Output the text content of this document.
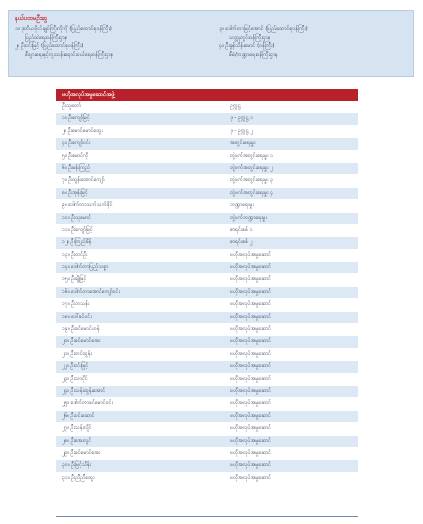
နယ်ပထမဦးဆွ
၁။ ဒုတိယဗိုလ်ချုပ်ကြီးကိုကို (ပြည်ထောင်စုဝန်ကြီး)
ပြည်ထဲရေးဝန်ကြီးဌာန
၂။ ဦးဝင်းမြင့် (ပြည်ထောင်စုဝန်ကြီး)
စီးပွားရေးနှင့်ကူးသန်းရောင်းဝယ်ရေးဝန်ကြီးဌာန
၃။ ဒေါက်တာမြင့်အောင် (ပြည်ထောင်စုဝန်ကြီး)
သတ္တုတွင်းဝန်ကြီးဌာန
၄။ ဦးခွန်သိန်းမောင် (ဝန်ကြီး)
စီမံ/ဘဏ္ဍာရေးဝန်ကြီးဌာန
ဗဟိုအလုပ်အမှုဆောင်အဖွဲ့
ဦးသူတော်	ဥက္ကဋ္ဌ
၁။ ဦးကျော်မြင့်	ဒု - ဥက္ကဋ္ဌ ၁
၂။ ဦးမောင်မောင်ထွေး	ဒု - ဥက္ကဋ္ဌ ၂
၄။ ဦးကျော်ဝင်း	အတွင်းရေးမှူး
၅။ ဦးမောင်ကို	တွဲဖက်အတွင်းရေးမှူး ၁
၆။ ဦးစန်းကြည်	တွဲဖက်အတွင်းရေးမှူး ၂
၇။ ဦးထွန်းအောင်ကျော်	တွဲဖက်အတွင်းရေးမှူး ၃
၈။ ဦးအုန်းမြင့်	တွဲဖက်အတွင်းရေးမှူး ၄
၉။ ဒေါက်တာသက်သက်ခိုင်	ဘဏ္ဍာရေးမှူး
၁၀။ ဦးသုမောင်	တွဲဖက်ဘဏ္ဍာရေးမှူး
၁၁။ ဦးကျော်မြင့်	စာရင်းစစ် ၁
၁၂။ ဦးကြည်စိန်	စာရင်းစစ် ၂
၁၃။ ဦးတင်ဦး	ဗဟိုအလုပ်အမှုဆောင်
၁၄။ ဒေါက်တာပြည့်သစ္စာ	ဗဟိုအလုပ်အမှုဆောင်
၁၅။ ဦးချိုမြင့်	ဗဟိုအလုပ်အမှုဆောင်
၁၆။ ဒေါက်တာအောင်ကျော်ဝင်း	ဗဟိုအလုပ်အမှုဆောင်
၁၇။ ဦးဘသန်း	ဗဟိုအလုပ်အမှုဆောင်
၁၈။ ဒေါ်ခင်ဝင်း	ဗဟိုအလုပ်အမှုဆောင်
၁၉။ ဦးခင်မောင်ဟန်	ဗဟိုအလုပ်အမှုဆောင်
၂၀။ ဦးခင်မောင်အေး	ဗဟိုအလုပ်အမှုဆောင်
၂၁။ ဦးတင်ထွန်း	ဗဟိုအလုပ်အမှုဆောင်
၂၂။ ဦးဝင်းမြင့်	ဗဟိုအလုပ်အမှုဆောင်
၂၃။ ဦးသာငိုင်	ဗဟိုအလုပ်အမှုဆောင်
၂၄။ ဦးသန်းထွန်းအောင်	ဗဟိုအလုပ်အမှုဆောင်
၂၅။ ဒေါက်တာခင်မောင်ဝင်း	ဗဟိုအလုပ်အမှုဆောင်
၂၆။ ဦးဝင်းဆောင်	ဗဟိုအလုပ်အမှုဆောင်
၂၇။ ဦးသန်းလှိုင်	ဗဟိုအလုပ်အမှုဆောင်
၂၈။ ဦးအေးလွင်	ဗဟိုအလုပ်အမှုဆောင်
၂၉။ ဦးခင်မောင်အေး	ဗဟိုအလုပ်အမှုဆောင်
၃၀။ ဦးမြင့်သိန်း	ဗဟိုအလုပ်အမှုဆောင်
၃၁။ ဦးညီညီထွေး	ဗဟိုအလုပ်အမှုဆောင်
